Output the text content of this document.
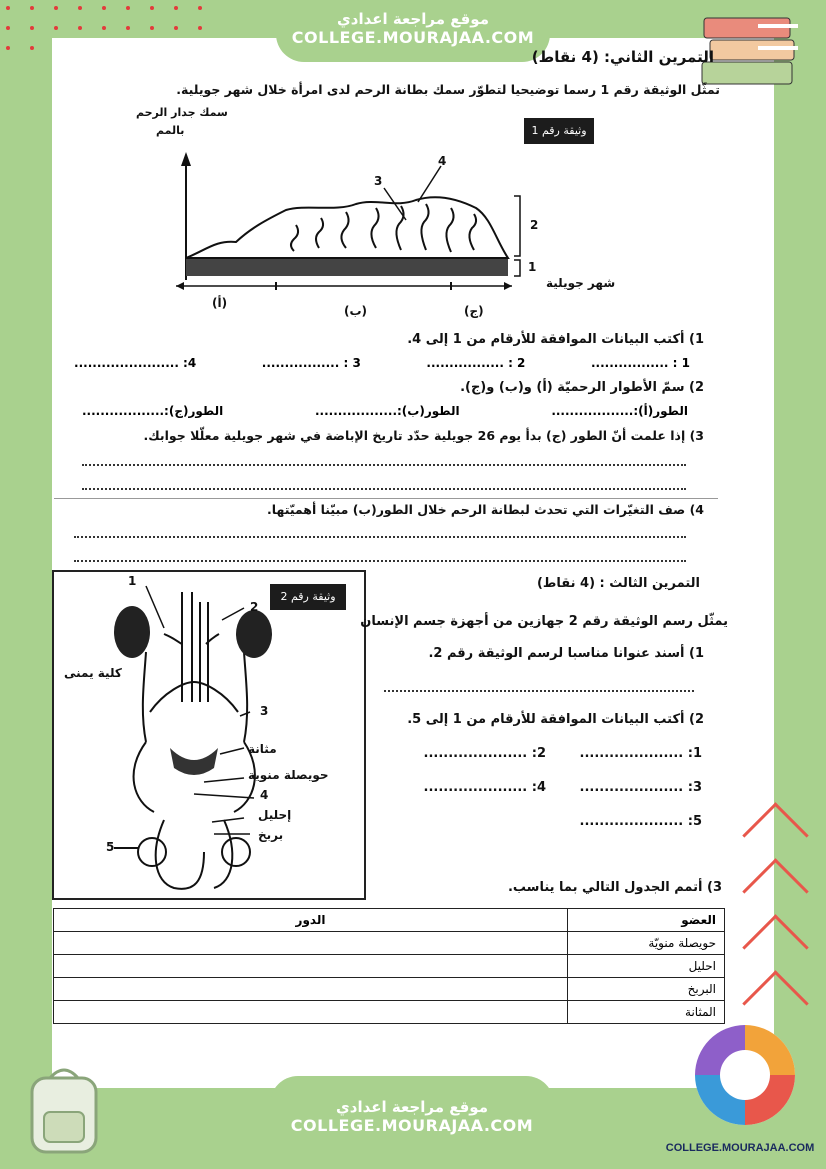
موقع مراجعة اعدادي
COLLEGE.MOURAJAA.COM
التمرين الثاني: (4 نقاط)
تمثّل الوثيقة رقم 1 رسما توضيحيا لتطوّر سمك بطانة الرحم لدى امرأة خلال شهر جويلية.
سمك جدار الرحم
بالمم	وثيقة رقم 1
3
4
2
1
شهر جويلية
(أ)
(ب)	(ج)
1) أكتب البيانات الموافقة للأرقام من 1 إلى 4.
1 : .................
2 : .................
3 : .................
4: .......................
2) سمّ الأطوار الرحميّة (أ) و(ب) و(ج).
الطور(أ):..................
الطور(ب):..................
الطور(ج):..................
3) إذا علمت أنّ الطور (ج) بدأ يوم 26 جويلية حدّد تاريخ الإباضة في شهر جويلية معلّلا جوابك.
4) صف التغيّرات التي تحدث لبطانة الرحم خلال الطور(ب) مبيّنا أهميّتها.
وثيقة رقم 2
1
2
3
4
5
كلية يمنى
مثانة
حويصلة منوية
إحليل
بربخ
التمرين الثالث : (4 نقاط)
يمثّل رسم الوثيقة رقم 2 جهازين من أجهزة جسم الإنسان
1) أسند عنوانا مناسبا لرسم الوثيقة رقم 2.
2) أكتب البيانات الموافقة للأرقام من 1 إلى 5.
1: .....................
2: .....................
3: .....................
4: .....................
5: .....................
3) أتمم الجدول التالي بما يناسب.
الدور	العضو
	حويصلة منويّة
	احليل
	البربخ
	المثانة
موقع مراجعة اعدادي
COLLEGE.MOURAJAA.COM
COLLEGE.MOURAJAA.COM
